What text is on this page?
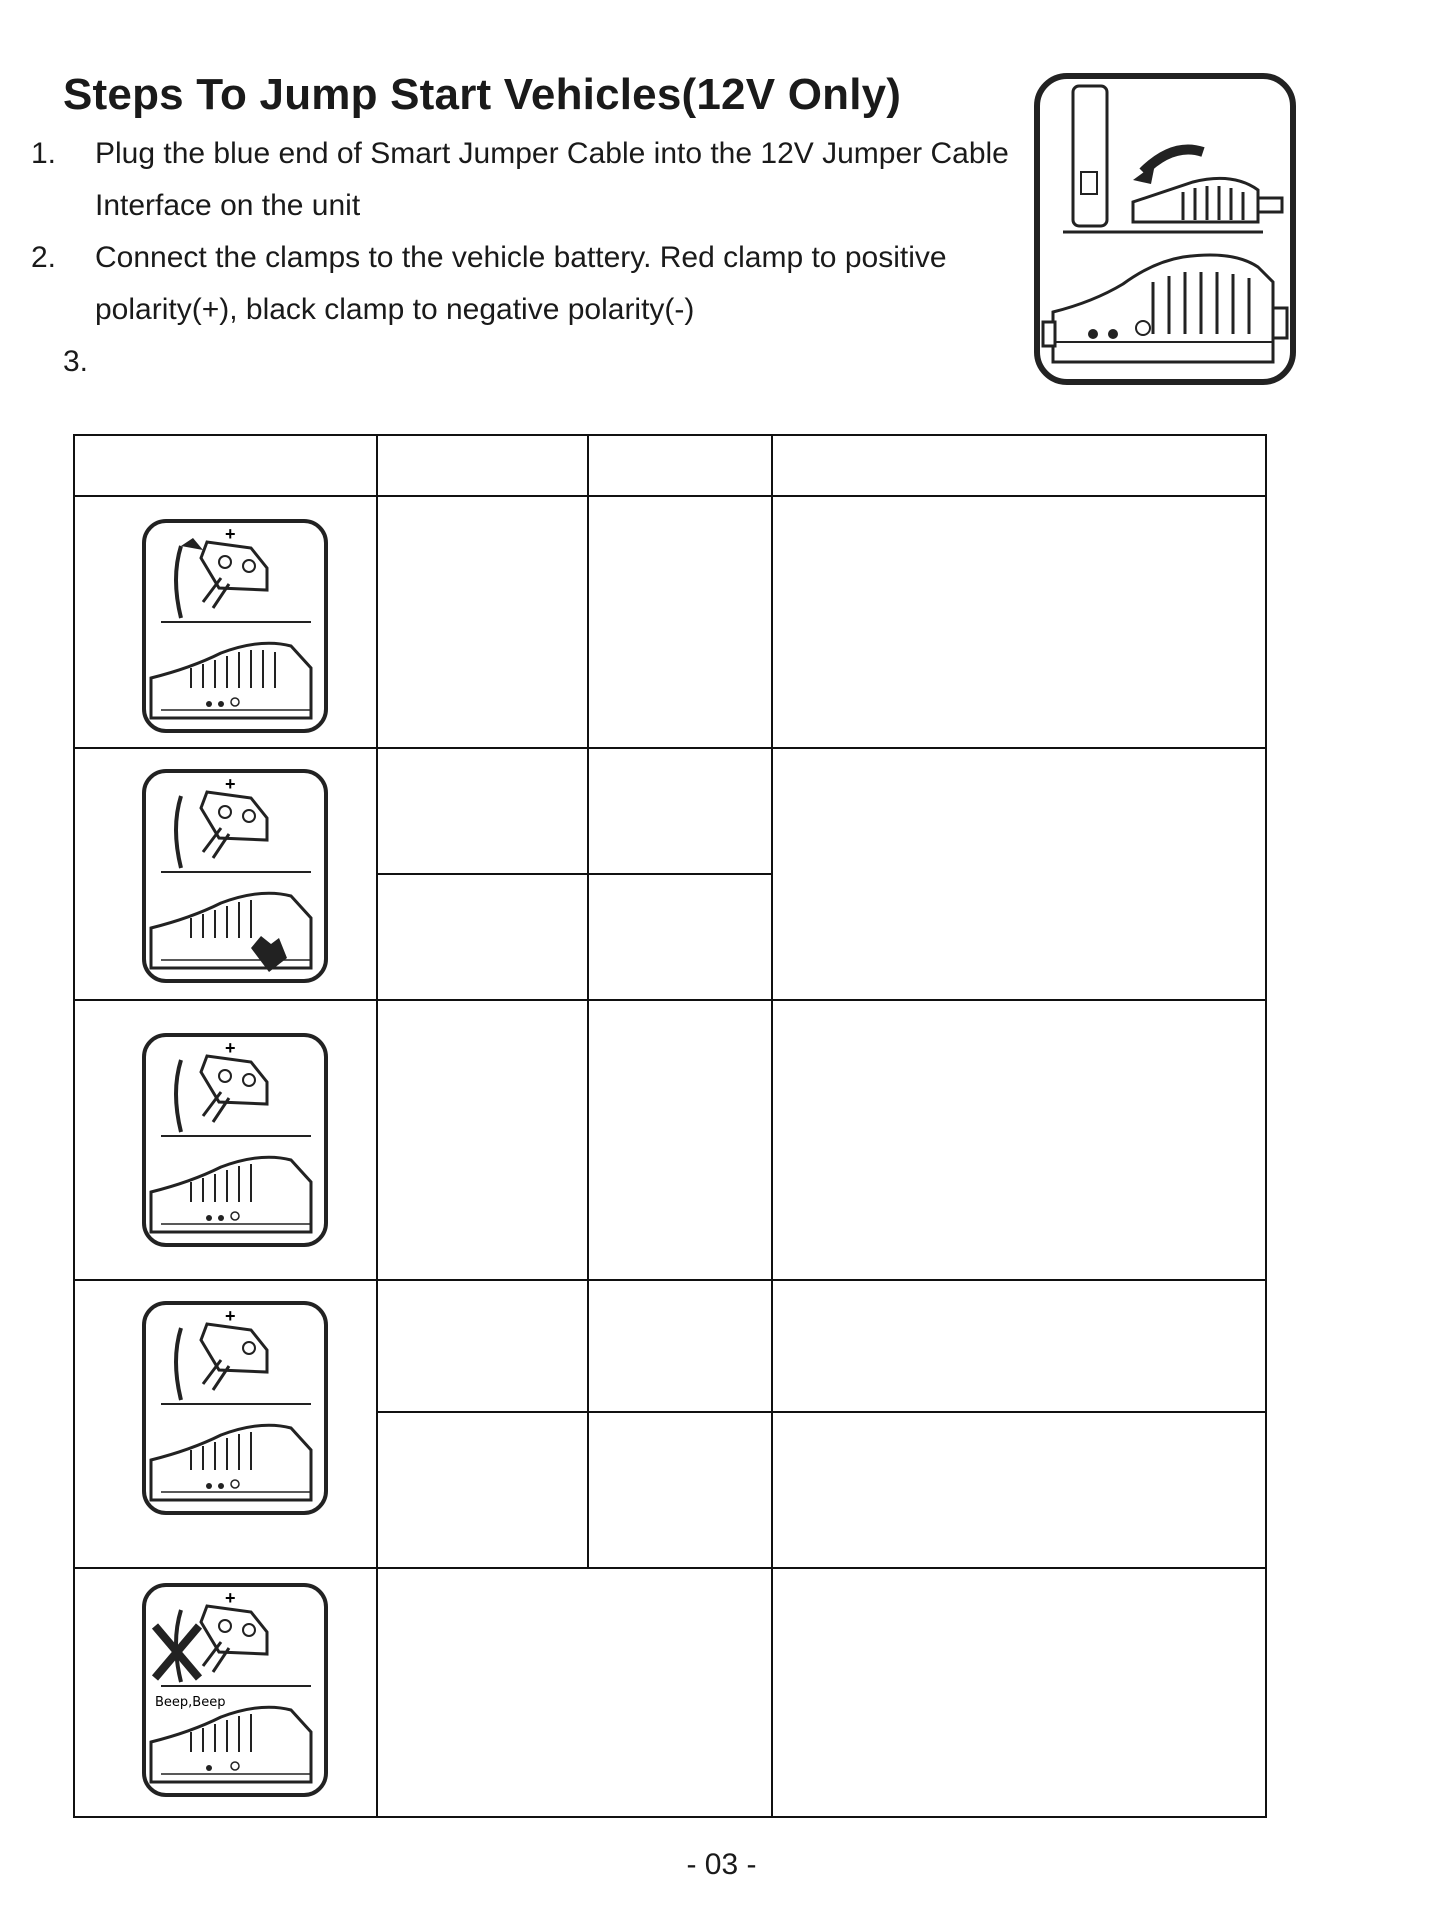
Steps To Jump Start Vehicles(12V Only)
1. Plug the blue end of Smart Jumper Cable into the 12V Jumper Cable Interface on the unit
2. Connect the clamps to the vehicle battery. Red clamp to positive polarity(+), black clamp to negative polarity(-)
3.
+
+
+
+
+
Beep,Beep
- 03 -
